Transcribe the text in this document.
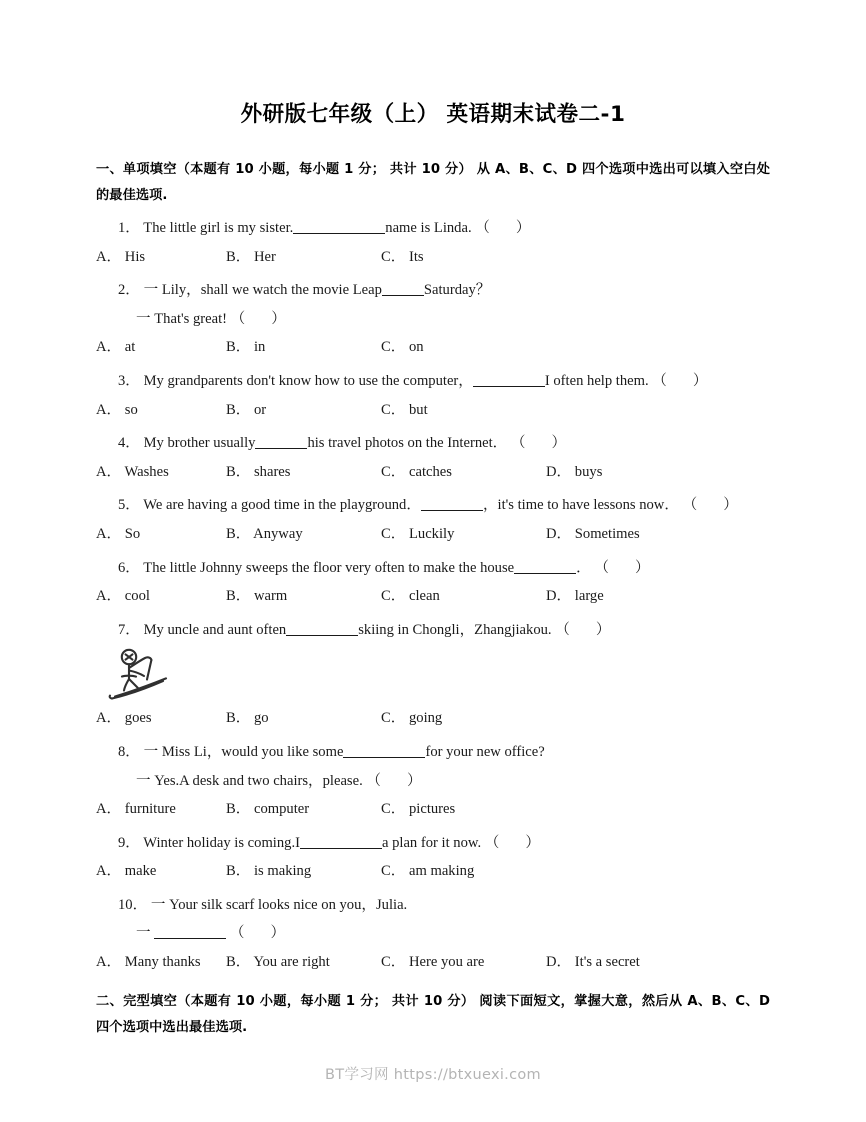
外研版七年级（上） 英语期末试卷二-1
一、单项填空（本题有 10 小题，每小题 1 分； 共计 10 分） 从 A、B、C、D 四个选项中选出可以填入空白处的最佳选项.
1． The little girl is my sister.	name is Linda. （ ）
A． His	B． Her	C． Its
2． 一 Lily，shall we watch the movie Leap	Saturday？
一 That's great! （ ）
A． at	B． in	C． on
3． My grandparents don't know how to use the computer，	I often help them. （ ）
A． so	B． or	C． but
4． My brother usually	his travel photos on the Internet． （ ）
A． Washes	B． shares	C． catches	D． buys
5． We are having a good time in the playground．	，it's time to have lessons now． （ ）
A． So	B． Anyway	C． Luckily	D． Sometimes
6． The little Johnny sweeps the floor very often to make the house	． （ ）
A． cool	B． warm	C． clean	D． large
7． My uncle and aunt often	skiing in Chongli，Zhangjiakou. （ ）
A． goes	B． go	C． going
8． 一 Miss Li，would you like some	for your new office?
一 Yes.A desk and two chairs，please. （ ）
A． furniture	B． computer	C． pictures
9． Winter holiday is coming.I	a plan for it now. （ ）
A． make	B． is making	C． am making
10． 一 Your silk scarf looks nice on you，Julia.
一	（ ）
A． Many thanks B． You are right	C． Here you are	D． It's a secret
二、完型填空（本题有 10 小题，每小题 1 分； 共计 10 分） 阅读下面短文，掌握大意，然后从 A、B、C、D 四个选项中选出最佳选项.
BT学习网 https://btxuexi.com
